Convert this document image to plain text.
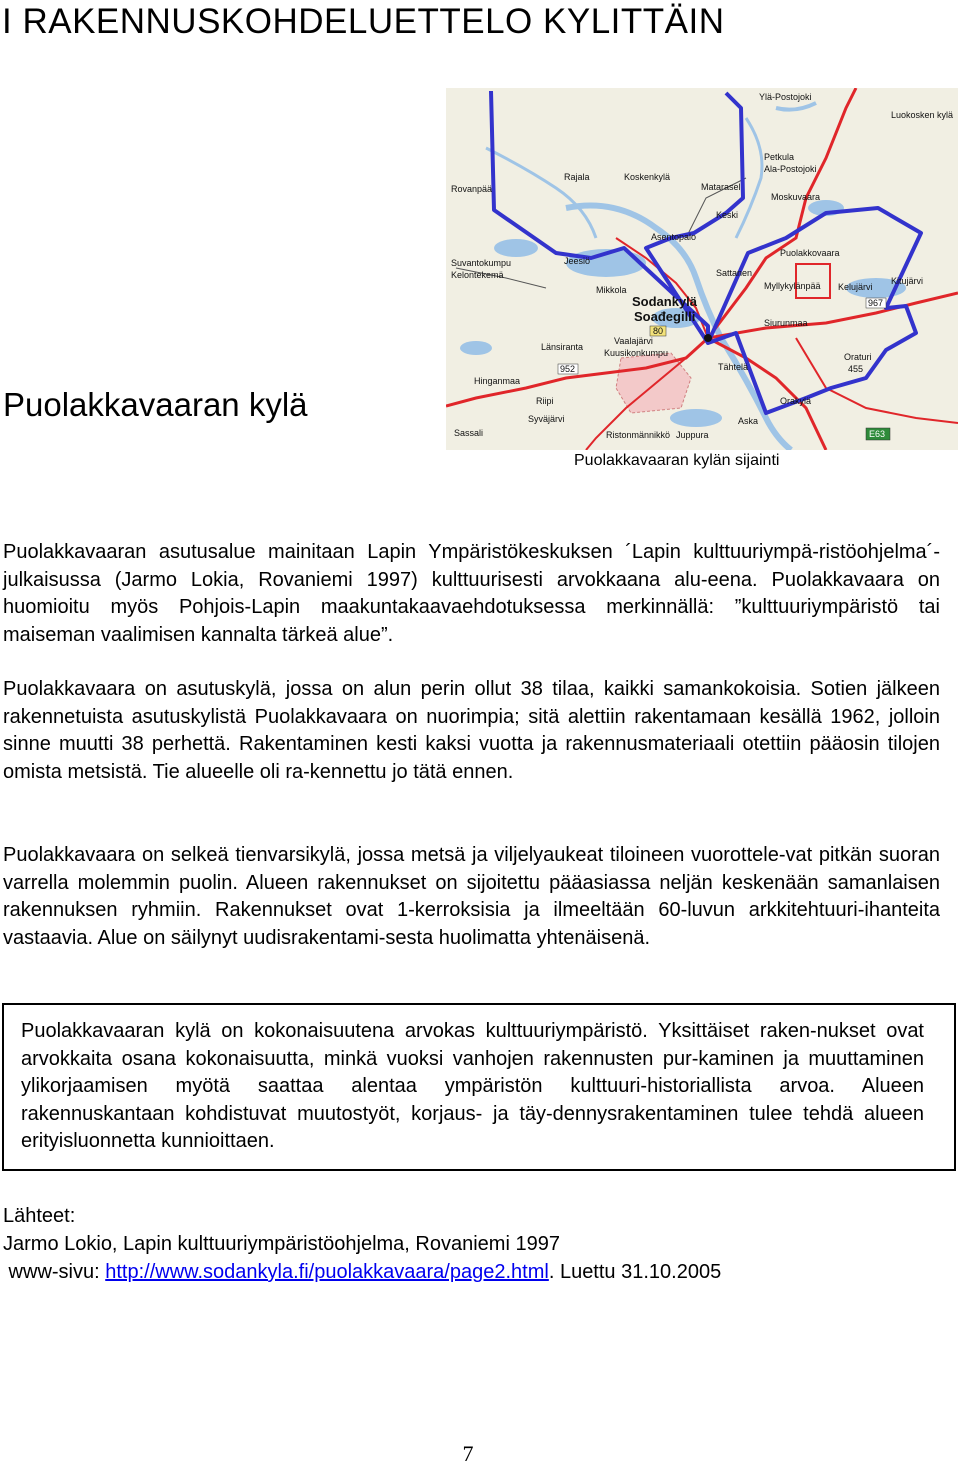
I RAKENNUSKOHDELUETTELO KYLITTÄIN
Puolakkavaaran kylä
Ylä-Postojoki
Luokosken kylä
Rovanpää
Rajala	Koskenkylä
Petkula
Ala-Postojoki
Matarasel
Moskuvaara
Keski
Asentopalo
Suvantokumpu
Kelontekemä
Jeesiö
Sattanen
Puolakkovaara
Myllykylänpää Kelujärvi
Kitujärvi
Mikkola
Sodankylä
Soađegilli	Siurunmaa
Länsiranta
Vaalajärvi
Kuusikonkumpu
Tähtelä
Oraturi
Hinganmaa
Riipi
Syväjärvi
Orakylä
Sassali	Ristonmännikkö Juppura
Aska
80
952
967
455
E63
Puolakkavaaran kylän sijainti
Puolakkavaaran asutusalue mainitaan Lapin Ympäristökeskuksen ´Lapin kulttuuriympä-ristöohjelma´-julkaisussa (Jarmo Lokia, Rovaniemi 1997) kulttuurisesti arvokkaana alu-eena. Puolakkavaara on huomioitu myös Pohjois-Lapin maakuntakaavaehdotuksessa merkinnällä: ”kulttuuriympäristö tai maiseman vaalimisen kannalta tärkeä alue”.
Puolakkavaara on asutuskylä, jossa on alun perin ollut 38 tilaa, kaikki samankokoisia. Sotien jälkeen rakennetuista asutuskylistä Puolakkavaara on nuorimpia; sitä alettiin rakentamaan kesällä 1962, jolloin sinne muutti 38 perhettä. Rakentaminen kesti kaksi vuotta ja rakennusmateriaali otettiin pääosin tilojen omista metsistä. Tie alueelle oli ra-kennettu jo tätä ennen.
Puolakkavaara on selkeä tienvarsikylä, jossa metsä ja viljelyaukeat tiloineen vuorottele-vat pitkän suoran varrella molemmin puolin. Alueen rakennukset on sijoitettu pääasiassa neljän keskenään samanlaisen rakennuksen ryhmiin. Rakennukset ovat 1-kerroksisia ja ilmeeltään 60-luvun arkkitehtuuri-ihanteita vastaavia. Alue on säilynyt uudisrakentami-sesta huolimatta yhtenäisenä.
Puolakkavaaran kylä on kokonaisuutena arvokas kulttuuriympäristö. Yksittäiset raken-nukset ovat arvokkaita osana kokonaisuutta, minkä vuoksi vanhojen rakennusten pur-kaminen ja muuttaminen ylikorjaamisen myötä saattaa alentaa ympäristön kulttuuri-historiallista arvoa. Alueen rakennuskantaan kohdistuvat muutostyöt, korjaus- ja täy-dennysrakentaminen tulee tehdä alueen erityisluonnetta kunnioittaen.
Lähteet:
Jarmo Lokio, Lapin kulttuuriympäristöohjelma, Rovaniemi 1997
www-sivu: http://www.sodankyla.fi/puolakkavaara/page2.html. Luettu 31.10.2005
7
